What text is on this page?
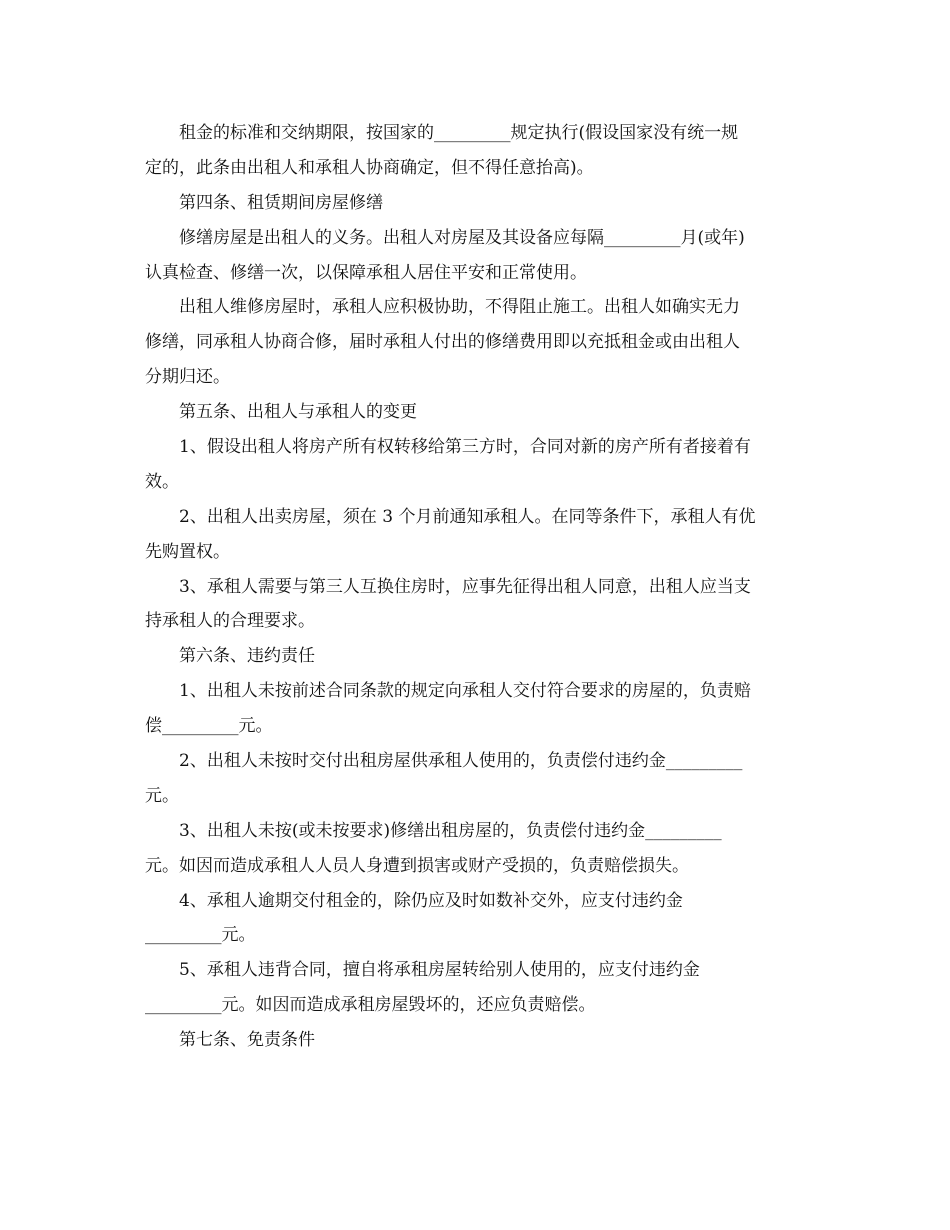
租金的标准和交纳期限，按国家的_________规定执行(假设国家没有统一规
定的，此条由出租人和承租人协商确定，但不得任意抬高)。
第四条、租赁期间房屋修缮
修缮房屋是出租人的义务。出租人对房屋及其设备应每隔_________月(或年)
认真检查、修缮一次，以保障承租人居住平安和正常使用。
出租人维修房屋时，承租人应积极协助，不得阻止施工。出租人如确实无力
修缮，同承租人协商合修，届时承租人付出的修缮费用即以充抵租金或由出租人
分期归还。
第五条、出租人与承租人的变更
1、假设出租人将房产所有权转移给第三方时，合同对新的房产所有者接着有
效。
2、出租人出卖房屋，须在 3 个月前通知承租人。在同等条件下，承租人有优
先购置权。
3、承租人需要与第三人互换住房时，应事先征得出租人同意，出租人应当支
持承租人的合理要求。
第六条、违约责任
1、出租人未按前述合同条款的规定向承租人交付符合要求的房屋的，负责赔
偿_________元。
2、出租人未按时交付出租房屋供承租人使用的，负责偿付违约金_________
元。
3、出租人未按(或未按要求)修缮出租房屋的，负责偿付违约金_________
元。如因而造成承租人人员人身遭到损害或财产受损的，负责赔偿损失。
4、承租人逾期交付租金的，除仍应及时如数补交外，应支付违约金
_________元。
5、承租人违背合同，擅自将承租房屋转给别人使用的，应支付违约金
_________元。如因而造成承租房屋毁坏的，还应负责赔偿。
第七条、免责条件
